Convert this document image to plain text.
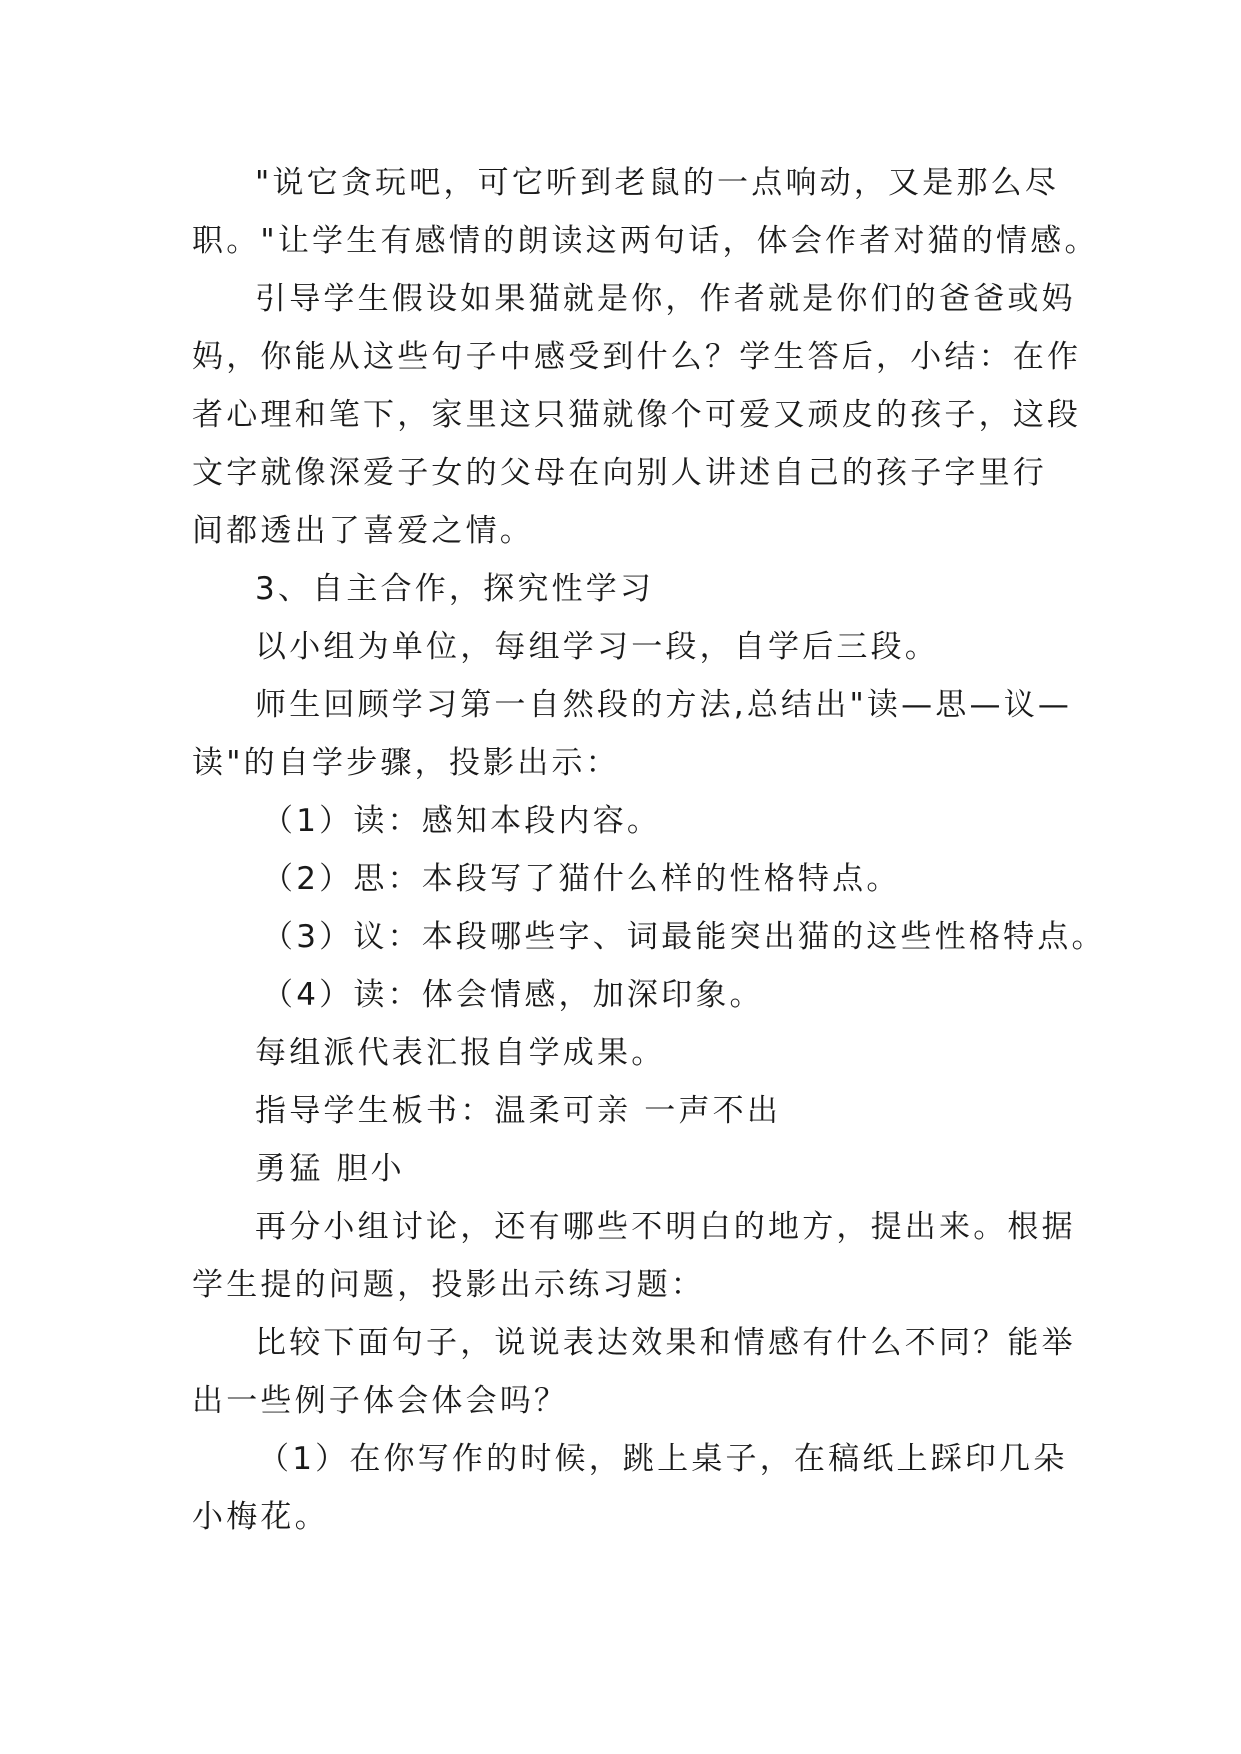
"说它贪玩吧，可它听到老鼠的一点响动，又是那么尽
职。"让学生有感情的朗读这两句话，体会作者对猫的情感。
引导学生假设如果猫就是你，作者就是你们的爸爸或妈
妈，你能从这些句子中感受到什么？学生答后，小结：在作
者心理和笔下，家里这只猫就像个可爱又顽皮的孩子，这段
文字就像深爱子女的父母在向别人讲述自己的孩子字里行
间都透出了喜爱之情。
3、自主合作，探究性学习
以小组为单位，每组学习一段，自学后三段。
师生回顾学习第一自然段的方法,总结出"读—思—议—
读"的自学步骤，投影出示：
（1）读：感知本段内容。
（2）思：本段写了猫什么样的性格特点。
（3）议：本段哪些字、词最能突出猫的这些性格特点。
（4）读：体会情感，加深印象。
每组派代表汇报自学成果。
指导学生板书：温柔可亲 一声不出
勇猛 胆小
再分小组讨论，还有哪些不明白的地方，提出来。根据
学生提的问题，投影出示练习题：
比较下面句子，说说表达效果和情感有什么不同？能举
出一些例子体会体会吗？
（1）在你写作的时候，跳上桌子，在稿纸上踩印几朵
小梅花。
